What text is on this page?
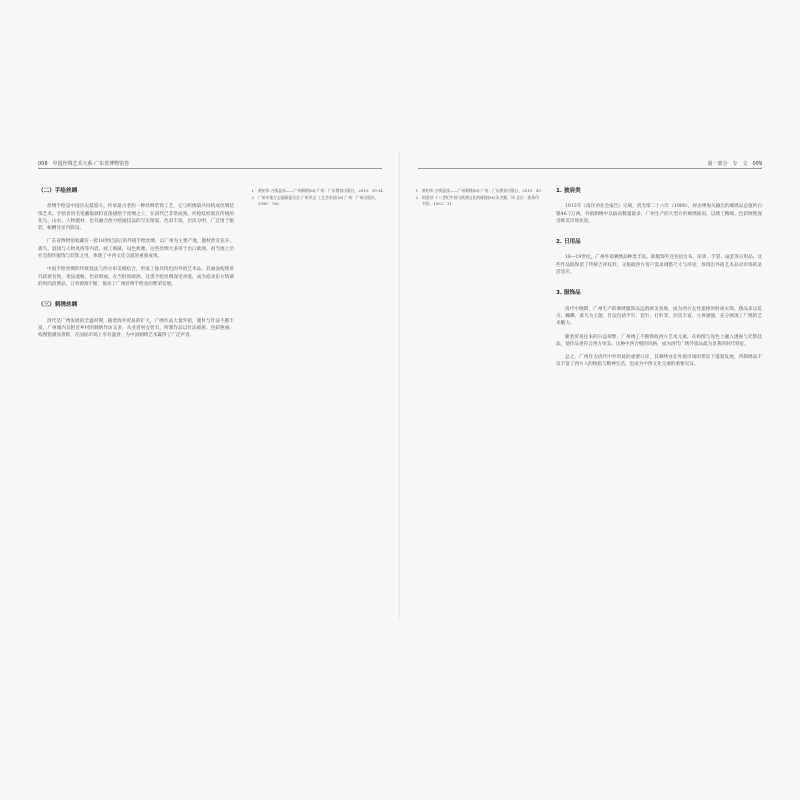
008　中国丝绸艺术大系·广东省博物馆卷	第一部分　专　文　009
（二）手绘丝绸

丝绸手绘是中国历史最悠久、传承最古老的一种丝绸装饰工艺，它与织绣染共同构成丝绸装饰艺术。手绘者用毛笔蘸取颜料直接描绘于丝绸之上，在清代已非常成熟，所绘纹样既有传统的花鸟、山水、人物题材，也有融合西方绘画技法的写实图案，色彩丰富，层次分明，广泛用于服装、帐幔及室内陈设。

广东省博物馆收藏有一批18世纪前后的外销手绘丝绸，以广州为主要产地，题材涉及花卉、禽鸟、庭园与人物风俗等内容，画工细腻，设色典雅。这些丝绸大多用于出口欧洲，供当地上层社会制作服饰与装饰之用，体现了中西文化交流的重要成果。

中国手绘丝绸的传统技法与西方审美相结合，形成了独具特色的外销艺术品。其画面构图讲究疏密有致，笔法流畅，色彩明丽。在当时的欧洲，这类手绘丝绸深受喜爱，成为追求东方情调的时尚消费品，订单源源不断，推动了广州丝绸手绘业的繁荣发展。

（三）刺绣丝绸

清代是广绣发展的全盛时期，随着海外贸易的扩大，广绣作品大量外销，题材与针法不断丰富。广州城内及附近乡村的刺绣作坊众多，从业者男女皆有，所制作品以针法细密、色彩艳丽、构图饱满而著称，在国际市场上享有盛誉，为中国刺绣艺术赢得了广泛声誉。

1 黄柏华.万绣盈丝——广州刺绣[M].广州：广东教育出版社，2010：19-24.
2 广州市地方志编纂委员会.广州市志·工艺美术卷[M].广州：广州出版社，1996：756.
1 黄柏华.万绣盈丝——广州刺绣[M].广州：广东教育出版社，2010：49.
2 阿嘉莎.十八世纪中国与欧洲文化的碰撞[M].朱杰勤，译.北京：商务印书馆，1962：31.
1. 披肩类

1913年《南洋劝业会报告》记载，清光绪二十六年（1900），经由粤海关输出的刺绣品总值约白银46.7万两。外销刺绣中以披肩数量最多，广州生产的大型方形刺绣披肩，以绣工精细、色彩鲜艳深受欧美市场欢迎。

2. 日用品

18—19世纪，广州外销刺绣品种类丰富，除服饰外还包括台布、床罩、手袋、扇套等日用品。这些作品既保留了传统吉祥纹样，又根据西方客户需求调整尺寸与用途，体现出外销艺术品对市场的灵活适应。

3. 服饰品

清代中晚期，广州生产的刺绣服饰品远销欧美各地，成为西方女性追捧的时尚衣饰。绣品多以花卉、蝴蝶、禽鸟为主题，针法包括平针、套针、打籽等，层次丰富，立体感强，充分展现了广绣的艺术魅力。

随着贸易往来的日益频繁，广州绣工不断吸收西方艺术元素，在构图与设色上融入透视与光影技法，使作品更符合西方审美。这种中西合璧的风格，成为清代广绣外销品最为显著的时代特征。

总之，广州作为清代中外贸易的重要口岸，其刺绣业在外销市场的带动下蓬勃发展，所制绣品不仅丰富了西方人的物质与精神生活，也成为中西文化交流的重要见证。
